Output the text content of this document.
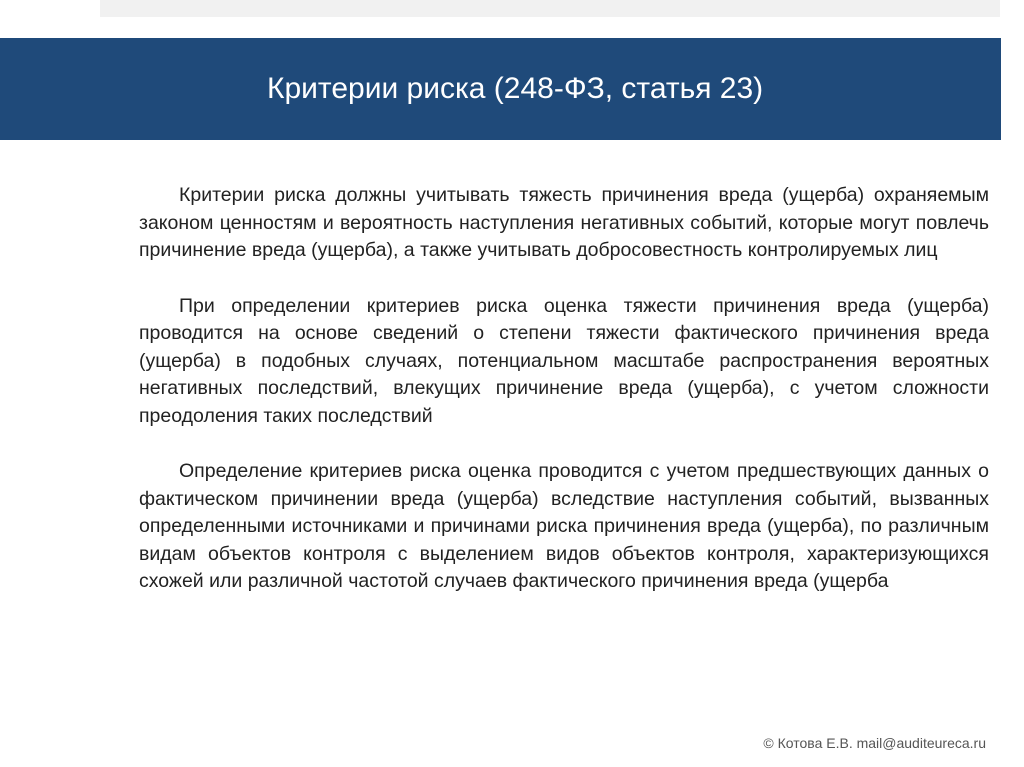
Критерии риска (248-ФЗ, статья 23)

Критерии риска должны учитывать тяжесть причинения вреда (ущерба) охраняемым законом ценностям и вероятность наступления негативных событий, которые могут повлечь причинение вреда (ущерба), а также учитывать добросовестность контролируемых лиц

При определении критериев риска оценка тяжести причинения вреда (ущерба) проводится на основе сведений о степени тяжести фактического причинения вреда (ущерба) в подобных случаях, потенциальном масштабе распространения вероятных негативных последствий, влекущих причинение вреда (ущерба), с учетом сложности преодоления таких последствий

Определение критериев риска оценка проводится с учетом предшествующих данных о фактическом причинении вреда (ущерба) вследствие наступления событий, вызванных определенными источниками и причинами риска причинения вреда (ущерба), по различным видам объектов контроля с выделением видов объектов контроля, характеризующихся схожей или различной частотой случаев фактического причинения вреда (ущерба

© Котова Е.В. mail@auditeureca.ru
